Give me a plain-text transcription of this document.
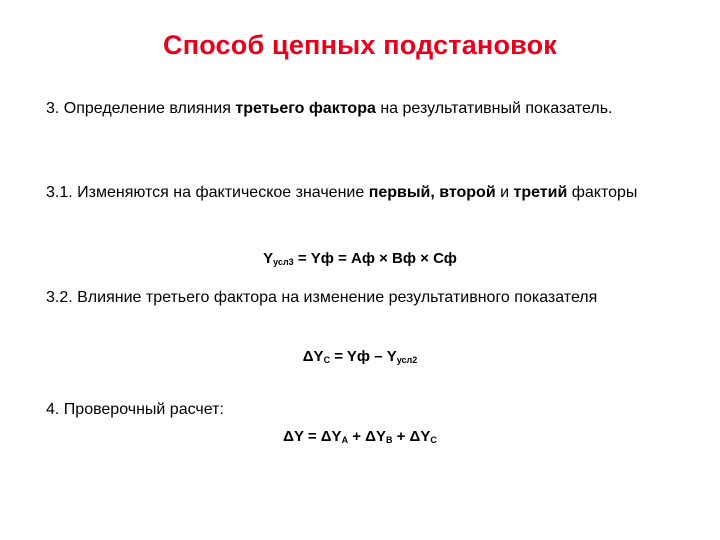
Способ цепных подстановок
3. Определение влияния третьего фактора на результативный показатель.
3.1. Изменяются на фактическое значение первый, второй и третий факторы
$Y_{усл3}$ = Yф = Аф × Вф × Сф
3.2. Влияние третьего фактора на изменение результативного показателя
$\Delta Y_C$ = Yф – $Y_{усл2}$
4. Проверочный расчет:
$\Delta Y = \Delta Y_A + \Delta Y_B + \Delta Y_C$
